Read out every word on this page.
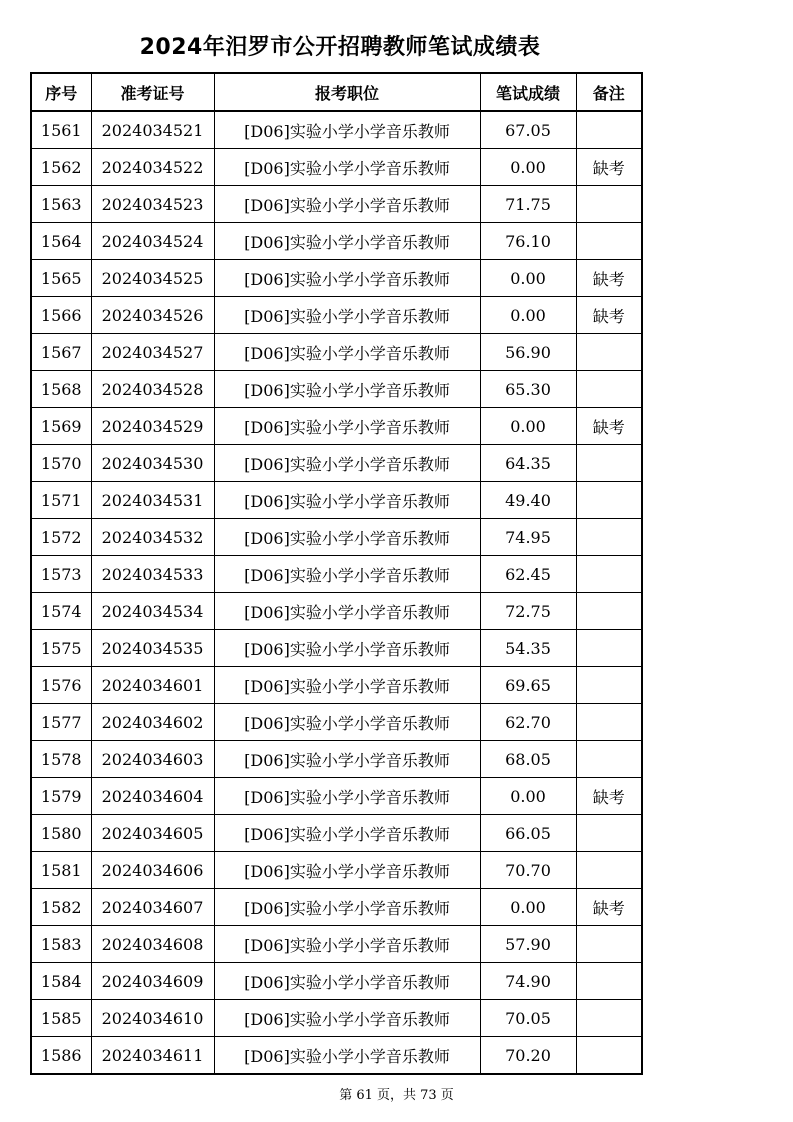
2024年汨罗市公开招聘教师笔试成绩表
序号	准考证号	报考职位	笔试成绩	备注
1561	2024034521	[D06]实验小学小学音乐教师	67.05	
1562	2024034522	[D06]实验小学小学音乐教师	0.00	缺考
1563	2024034523	[D06]实验小学小学音乐教师	71.75	
1564	2024034524	[D06]实验小学小学音乐教师	76.10	
1565	2024034525	[D06]实验小学小学音乐教师	0.00	缺考
1566	2024034526	[D06]实验小学小学音乐教师	0.00	缺考
1567	2024034527	[D06]实验小学小学音乐教师	56.90	
1568	2024034528	[D06]实验小学小学音乐教师	65.30	
1569	2024034529	[D06]实验小学小学音乐教师	0.00	缺考
1570	2024034530	[D06]实验小学小学音乐教师	64.35	
1571	2024034531	[D06]实验小学小学音乐教师	49.40	
1572	2024034532	[D06]实验小学小学音乐教师	74.95	
1573	2024034533	[D06]实验小学小学音乐教师	62.45	
1574	2024034534	[D06]实验小学小学音乐教师	72.75	
1575	2024034535	[D06]实验小学小学音乐教师	54.35	
1576	2024034601	[D06]实验小学小学音乐教师	69.65	
1577	2024034602	[D06]实验小学小学音乐教师	62.70	
1578	2024034603	[D06]实验小学小学音乐教师	68.05	
1579	2024034604	[D06]实验小学小学音乐教师	0.00	缺考
1580	2024034605	[D06]实验小学小学音乐教师	66.05	
1581	2024034606	[D06]实验小学小学音乐教师	70.70	
1582	2024034607	[D06]实验小学小学音乐教师	0.00	缺考
1583	2024034608	[D06]实验小学小学音乐教师	57.90	
1584	2024034609	[D06]实验小学小学音乐教师	74.90	
1585	2024034610	[D06]实验小学小学音乐教师	70.05	
1586	2024034611	[D06]实验小学小学音乐教师	70.20	
第 61 页，共 73 页
